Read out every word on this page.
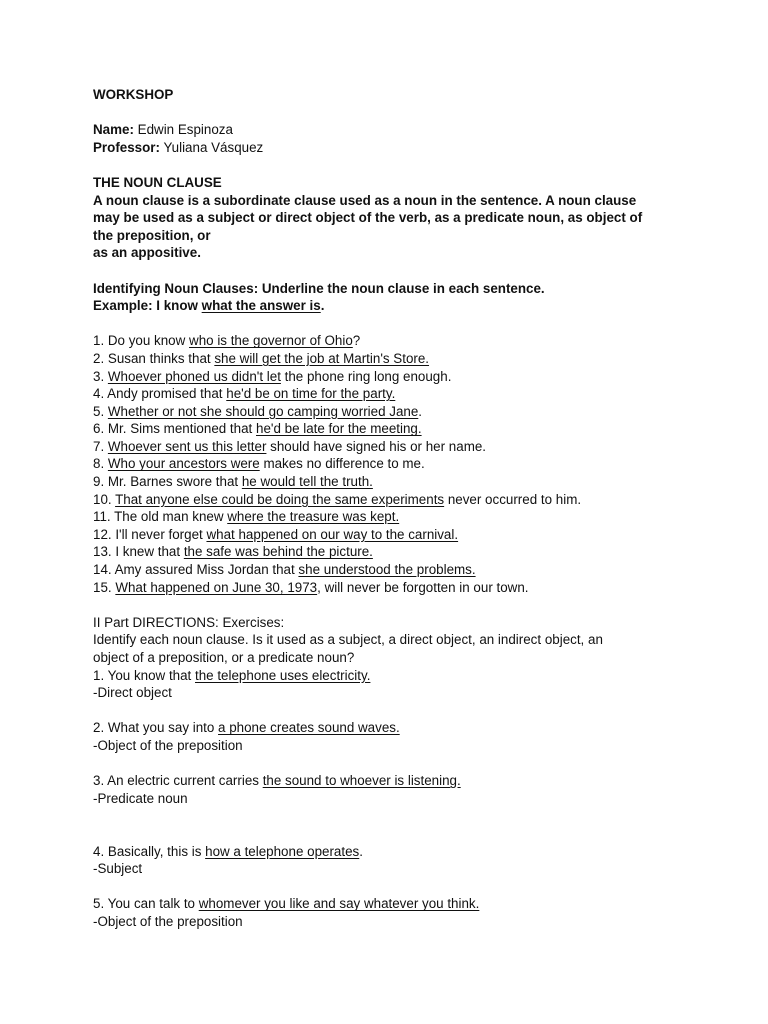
WORKSHOP
Name: Edwin Espinoza
Professor: Yuliana Vásquez
THE NOUN CLAUSE
A noun clause is a subordinate clause used as a noun in the sentence. A noun clause
may be used as a subject or direct object of the verb, as a predicate noun, as object of
the preposition, or
as an appositive.
Identifying Noun Clauses: Underline the noun clause in each sentence.
Example: I know what the answer is.
1. Do you know who is the governor of Ohio?
2. Susan thinks that she will get the job at Martin's Store.
3. Whoever phoned us didn't let the phone ring long enough.
4. Andy promised that he'd be on time for the party.
5. Whether or not she should go camping worried Jane.
6. Mr. Sims mentioned that he'd be late for the meeting.
7. Whoever sent us this letter should have signed his or her name.
8. Who your ancestors were makes no difference to me.
9. Mr. Barnes swore that he would tell the truth.
10. That anyone else could be doing the same experiments never occurred to him.
11. The old man knew where the treasure was kept.
12. I'll never forget what happened on our way to the carnival.
13. I knew that the safe was behind the picture.
14. Amy assured Miss Jordan that she understood the problems.
15. What happened on June 30, 1973, will never be forgotten in our town.
II Part DIRECTIONS: Exercises:
Identify each noun clause. Is it used as a subject, a direct object, an indirect object, an
object of a preposition, or a predicate noun?
1. You know that the telephone uses electricity.
-Direct object
2. What you say into a phone creates sound waves.
-Object of the preposition
3. An electric current carries the sound to whoever is listening.
-Predicate noun
4. Basically, this is how a telephone operates.
-Subject
5. You can talk to whomever you like and say whatever you think.
-Object of the preposition
